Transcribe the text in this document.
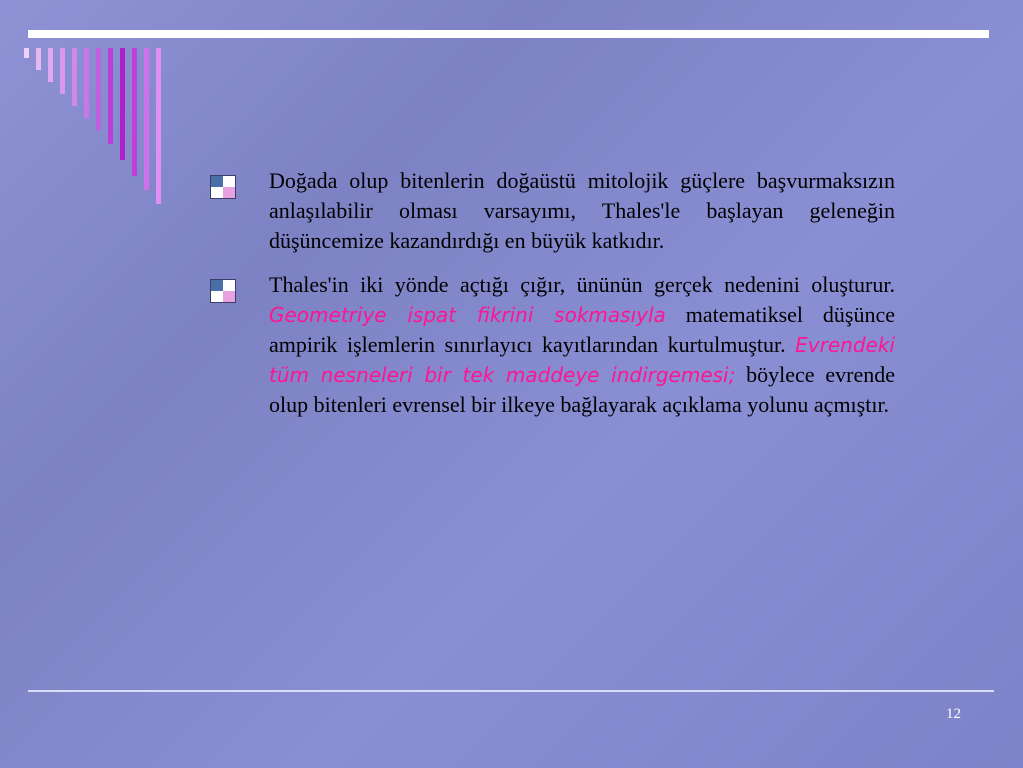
Doğada olup bitenlerin doğaüstü mitolojik güçlere başvurmaksızın anlaşılabilir olması varsayımı, Thales'le başlayan geleneğin düşüncemize kazandırdığı en büyük katkıdır.
Thales'in iki yönde açtığı çığır, ününün gerçek nedenini oluşturur. Geometriye ispat fikrini sokmasıyla matematiksel düşünce ampirik işlemlerin sınırlayıcı kayıtlarından kurtulmuştur. Evrendeki tüm nesneleri bir tek maddeye indirgemesi; böylece evrende olup bitenleri evrensel bir ilkeye bağlayarak açıklama yolunu açmıştır.
12
